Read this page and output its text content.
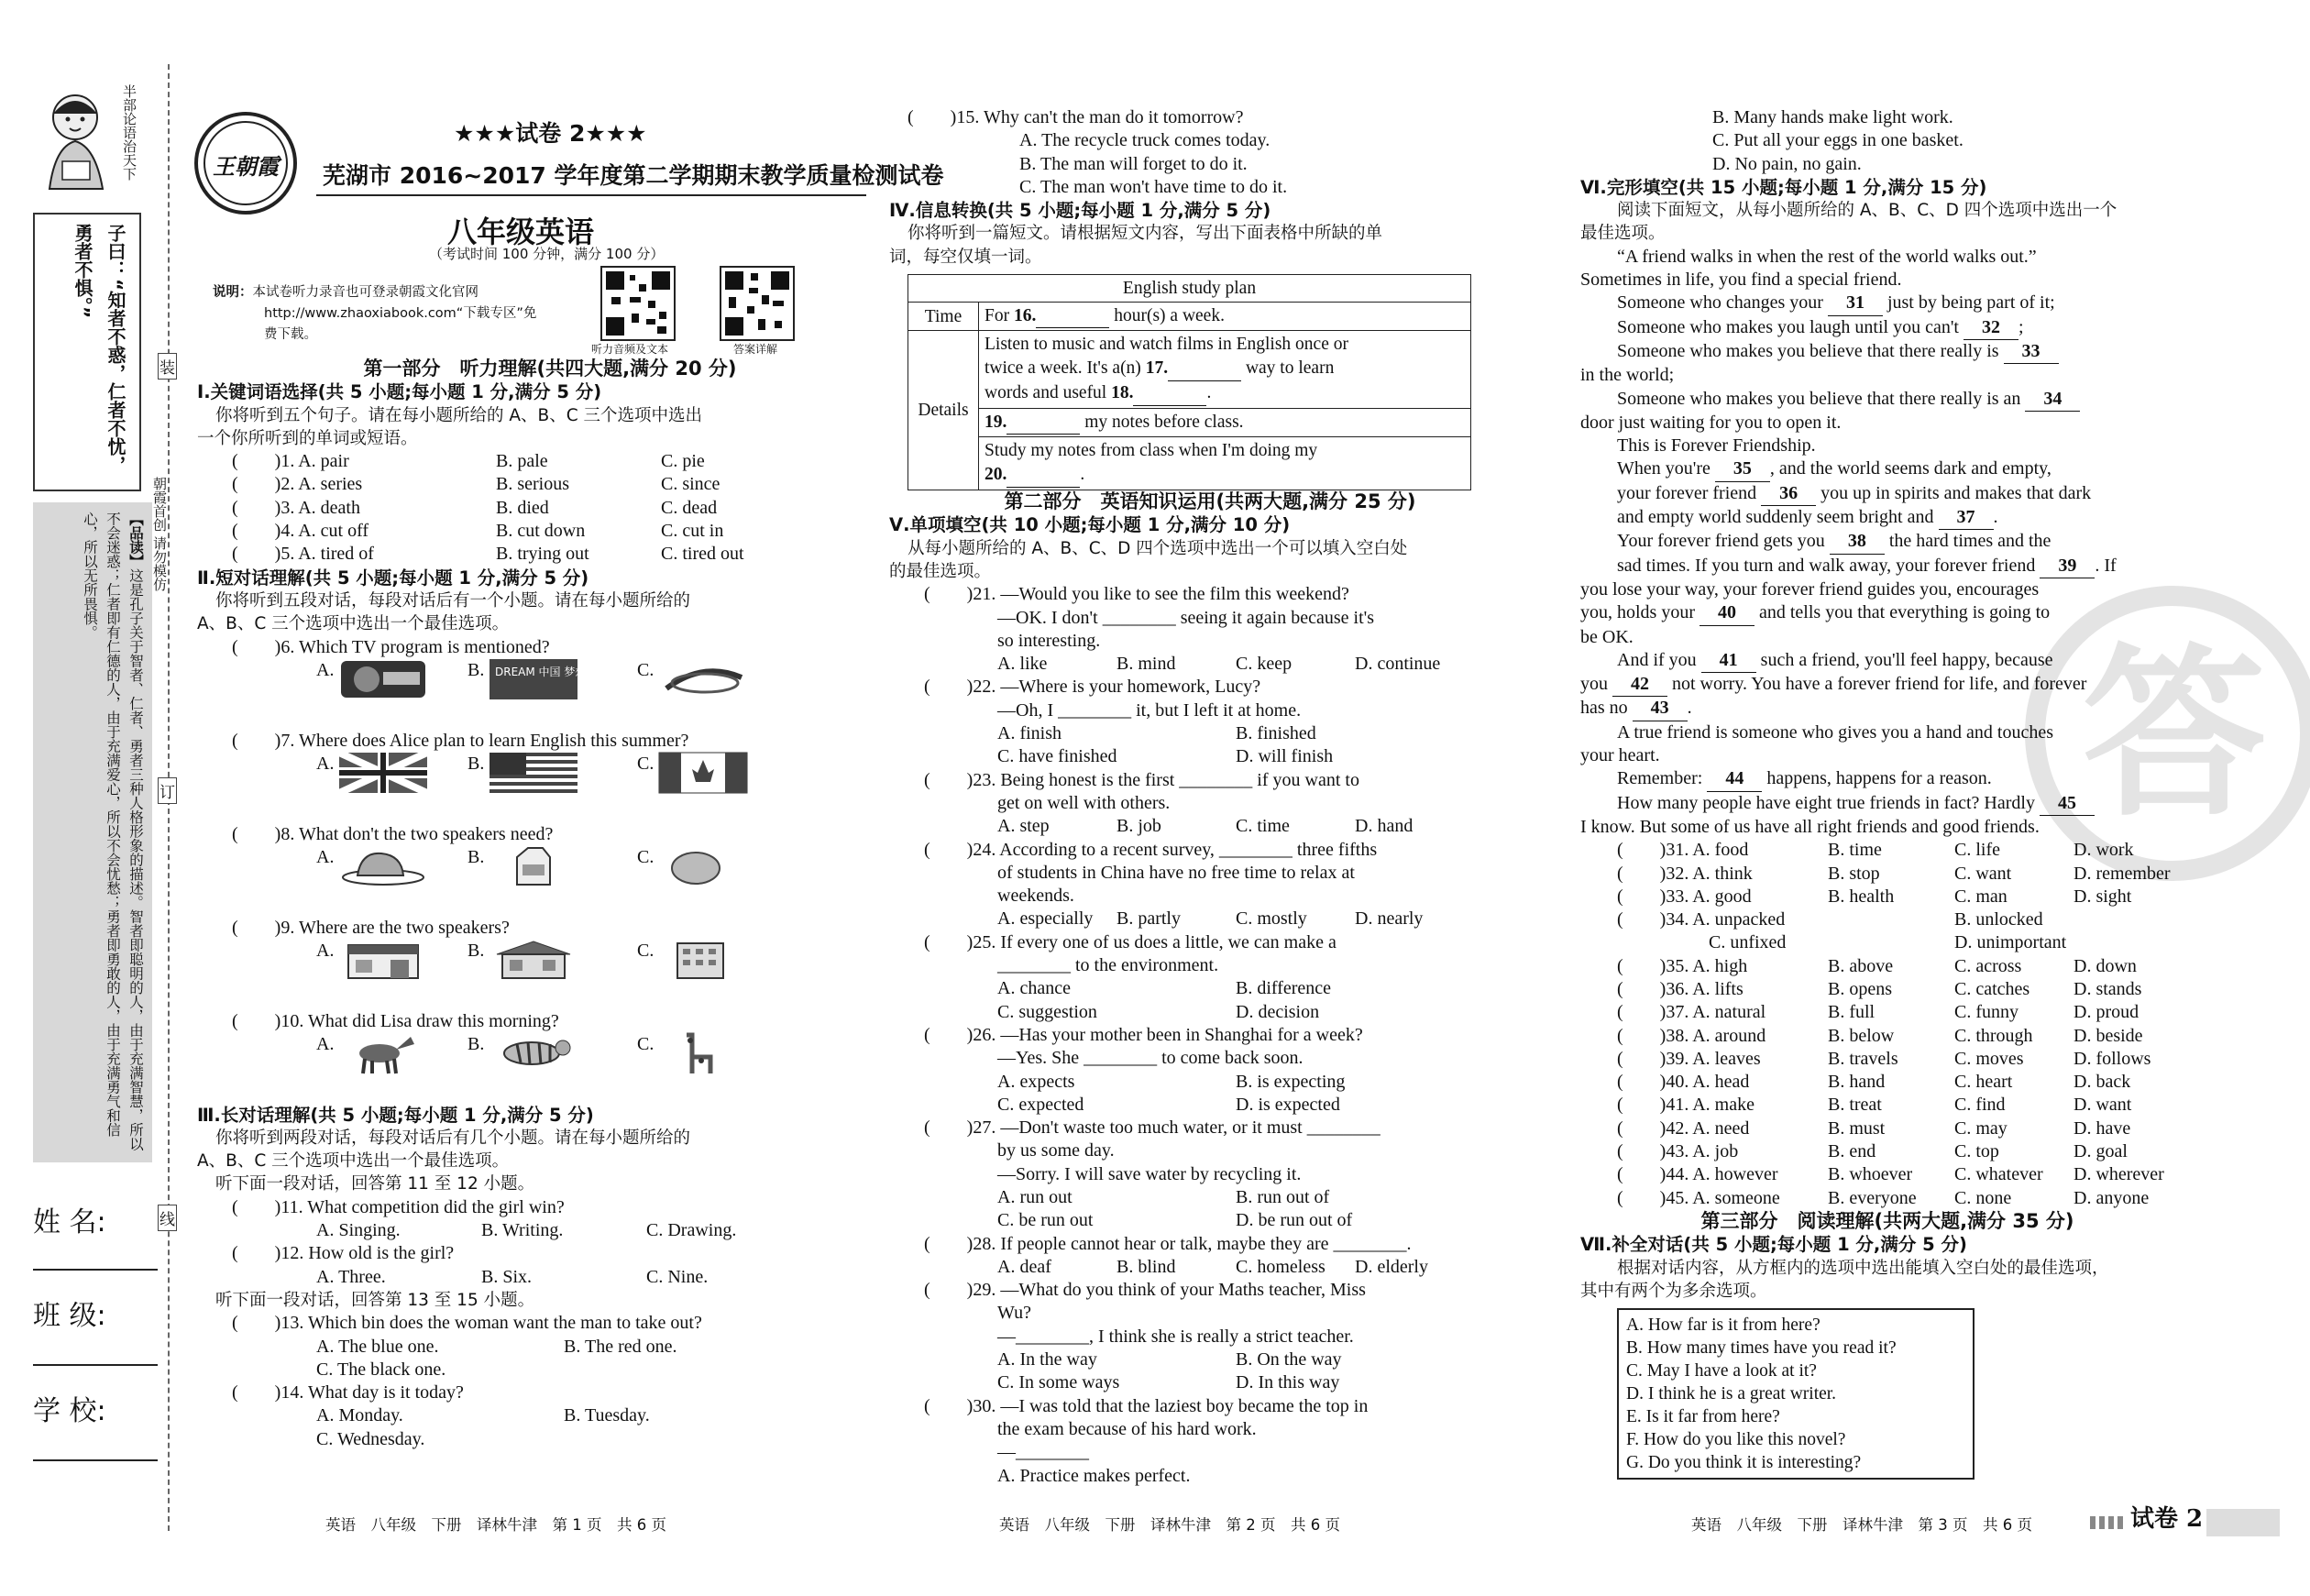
半部论语治天下
子曰：“知者不惑，仁者不忧，勇者不惧。”
【品读】这是孔子关于智者、仁者、勇者三种人格形象的描述。智者即聪明的人，由于充满智慧，所以不会迷惑；仁者即有仁德的人，由于充满爱心，所以不会忧愁；勇者即勇敢的人，由于充满勇气和信心，所以无所畏惧。
姓 名:
班 级:
学 校:
装
朝霞首创 请勿模仿
订
线
王朝霞
★★★试卷 2★★★
芜湖市 2016~2017 学年度第二学期期末教学质量检测试卷
八年级英语
（考试时间 100 分钟，满分 100 分）
说明：本试卷听力录音也可登录朝霞文化官网
http://www.zhaoxiabook.com“下载专区”免
费下载。
听力音频及文本	答案详解

第一部分　听力理解(共四大题,满分 20 分)

Ⅰ.关键词语选择(共 5 小题;每小题 1 分,满分 5 分)

你将听到五个句子。请在每小题所给的 A、B、C 三个选项中选出

一个你所听到的单词或短语。

(　　)1. A. pair	B. pale	C. pie

(　　)2. A. series	B. serious	C. since

(　　)3. A. death	B. died	C. dead

(　　)4. A. cut off	B. cut down	C. cut in

(　　)5. A. tired of	B. trying out	C. tired out

Ⅱ.短对话理解(共 5 小题;每小题 1 分,满分 5 分)

你将听到五段对话，每段对话后有一个小题。请在每小题所给的

A、B、C 三个选项中选出一个最佳选项。

(　　)6. Which TV program is mentioned?

A.	B. DREAM 中国 梦想秀 C.

(　　)7. Where does Alice plan to learn English this summer?

A.	B.	C.

(　　)8. What don't the two speakers need?

A.	B.	C.

(　　)9. Where are the two speakers?

A.	B.	C.

(　　)10. What did Lisa draw this morning?

A.	B.	C.

Ⅲ.长对话理解(共 5 小题;每小题 1 分,满分 5 分)

你将听到两段对话，每段对话后有几个小题。请在每小题所给的

A、B、C 三个选项中选出一个最佳选项。

听下面一段对话，回答第 11 至 12 小题。

(　　)11. What competition did the girl win?

A. Singing.	B. Writing.	C. Drawing.

(　　)12. How old is the girl?

A. Three.	B. Six.	C. Nine.

听下面一段对话，回答第 13 至 15 小题。

(　　)13. Which bin does the woman want the man to take out?

A. The blue one.	B. The red one.

C. The black one.

(　　)14. What day is it today?

A. Monday.	B. Tuesday.

C. Wednesday.

英语　八年级　下册　译林牛津　第 1 页　共 6 页

(　　)15. Why can't the man do it tomorrow?

A. The recycle truck comes today.

B. The man will forget to do it.

C. The man won't have time to do it.

Ⅳ.信息转换(共 5 小题;每小题 1 分,满分 5 分)

你将听到一篇短文。请根据短文内容，写出下面表格中所缺的单

词，每空仅填一词。

English study plan	
Time	For 16. hour(s) a week.
Details	Listen to music and watch films in English once or
twice a week. It's a(n) 17. way to learn
words and useful 18. .
	19. my notes before class.
	Study my notes from class when I'm doing my
20. .

第二部分　英语知识运用(共两大题,满分 25 分)

Ⅴ.单项填空(共 10 小题;每小题 1 分,满分 10 分)

从每小题所给的 A、B、C、D 四个选项中选出一个可以填入空白处

的最佳选项。

(　　)21. —Would you like to see the film this weekend?

—OK. I don't ________ seeing it again because it's

so interesting.

A. like	B. mind	C. keep	D. continue

(　　)22. —Where is your homework, Lucy?

—Oh, I ________ it, but I left it at home.

A. finish	B. finished

C. have finished	D. will finish

(　　)23. Being honest is the first ________ if you want to

get on well with others.

A. step	B. job	C. time	D. hand

(　　)24. According to a recent survey, ________ three fifths

of students in China have no free time to relax at

weekends.

A. especially B. partly	C. mostly	D. nearly

(　　)25. If every one of us does a little, we can make a

________ to the environment.

A. chance	B. difference

C. suggestion	D. decision

(　　)26. —Has your mother been in Shanghai for a week?

—Yes. She ________ to come back soon.

A. expects	B. is expecting

C. expected	D. is expected

(　　)27. —Don't waste too much water, or it must ________

by us some day.

—Sorry. I will save water by recycling it.

A. run out	B. run out of

C. be run out	D. be run out of

(　　)28. If people cannot hear or talk, maybe they are ________.

A. deaf	B. blind	C. homeless D. elderly

(　　)29. —What do you think of your Maths teacher, Miss

Wu?

—________, I think she is really a strict teacher.

A. In the way	B. On the way

C. In some ways	D. In this way

(　　)30. —I was told that the laziest boy became the top in

the exam because of his hard work.

—________

A. Practice makes perfect.

英语　八年级　下册　译林牛津　第 2 页　共 6 页
答

B. Many hands make light work.

C. Put all your eggs in one basket.

D. No pain, no gain.

Ⅵ.完形填空(共 15 小题;每小题 1 分,满分 15 分)

阅读下面短文，从每小题所给的 A、B、C、D 四个选项中选出一个

最佳选项。

“A friend walks in when the rest of the world walks out.”

Sometimes in life, you find a special friend.

Someone who changes your 31 just by being part of it;

Someone who makes you laugh until you can't 32 ;

Someone who makes you believe that there really is 33

in the world;

Someone who makes you believe that there really is an 34

door just waiting for you to open it.

This is Forever Friendship.

When you're 35 , and the world seems dark and empty,

your forever friend 36 you up in spirits and makes that dark

and empty world suddenly seem bright and 37 .

Your forever friend gets you 38 the hard times and the

sad times. If you turn and walk away, your forever friend 39 . If

you lose your way, your forever friend guides you, encourages

you, holds your 40 and tells you that everything is going to

be OK.

And if you 41 such a friend, you'll feel happy, because

you 42 not worry. You have a forever friend for life, and forever

has no 43 .

A true friend is someone who gives you a hand and touches

your heart.

Remember: 44 happens, happens for a reason.

How many people have eight true friends in fact? Hardly 45

I know. But some of us have all right friends and good friends.

(　　)31. A. food	B. time	C. life	D. work

(　　)32. A. think	B. stop	C. want	D. remember

(　　)33. A. good	B. health	C. man	D. sight

(　　)34. A. unpacked	B. unlocked

C. unfixed	D. unimportant

(　　)35. A. high	B. above	C. across	D. down

(　　)36. A. lifts	B. opens	C. catches D. stands

(　　)37. A. natural	B. full	C. funny	D. proud

(　　)38. A. around	B. below	C. through D. beside

(　　)39. A. leaves	B. travels	C. moves	D. follows

(　　)40. A. head	B. hand	C. heart	D. back

(　　)41. A. make	B. treat	C. find	D. want

(　　)42. A. need	B. must	C. may	D. have

(　　)43. A. job	B. end	C. top	D. goal

(　　)44. A. however	B. whoever C. whatever D. wherever

(　　)45. A. someone	B. everyone C. none	D. anyone

第三部分　阅读理解(共两大题,满分 35 分)

Ⅶ.补全对话(共 5 小题;每小题 1 分,满分 5 分)

根据对话内容，从方框内的选项中选出能填入空白处的最佳选项，

其中有两个为多余选项。

A. How far is it from here?

B. How many times have you read it?

C. May I have a look at it?

D. I think he is a great writer.

E. Is it far from here?

F. How do you like this novel?

G. Do you think it is interesting?

英语　八年级　下册　译林牛津　第 3 页　共 6 页	试卷 2
